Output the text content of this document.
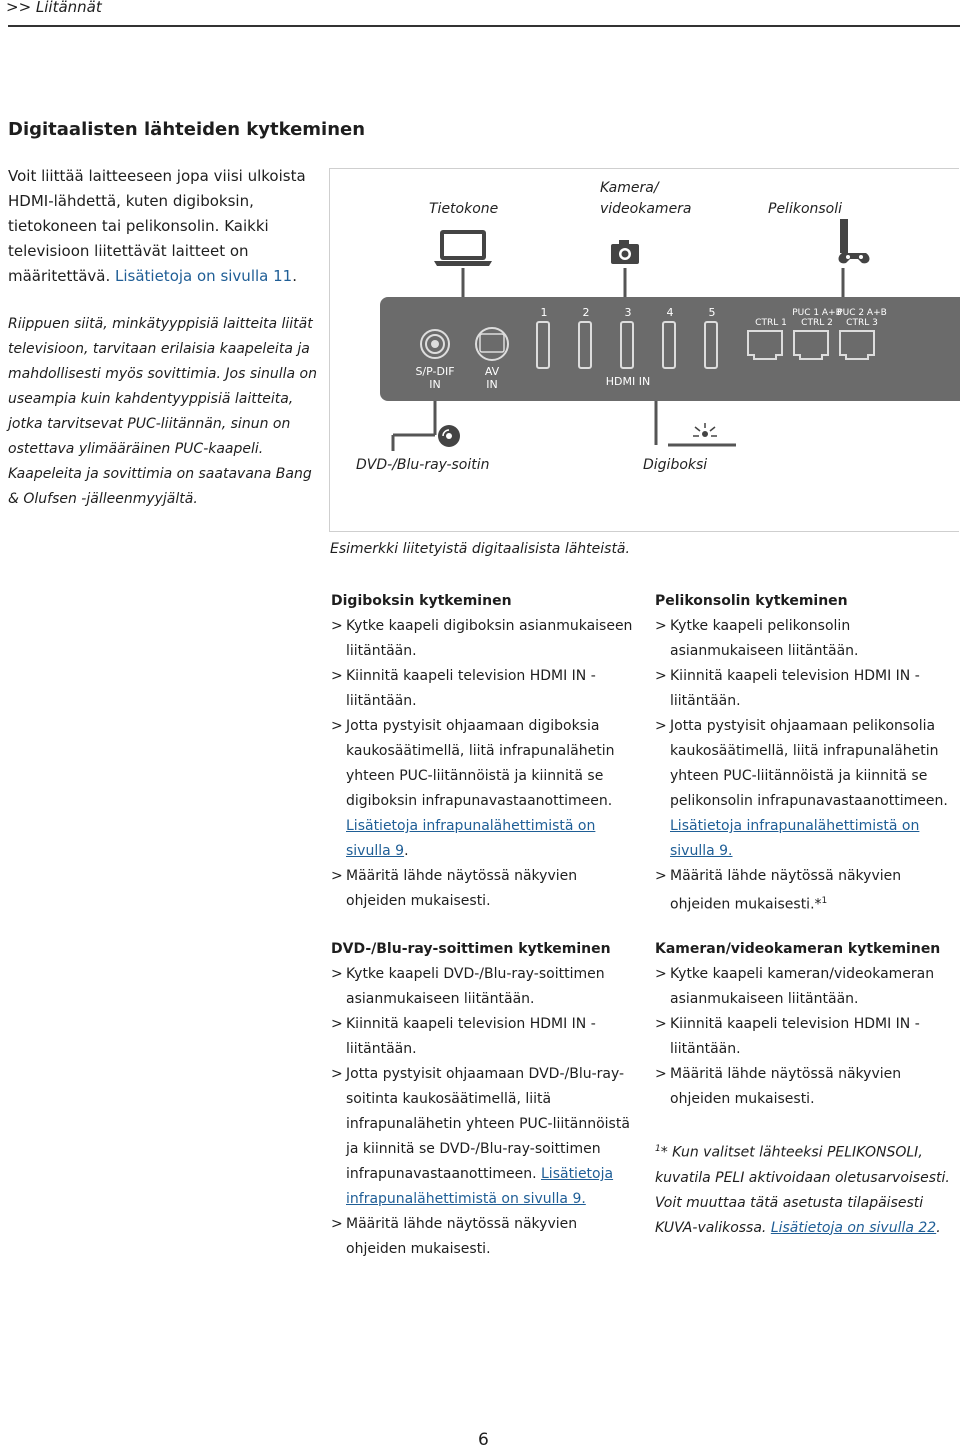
>> Liitännät
Digitaalisten lähteiden kytkeminen
Voit liittää laitteeseen jopa viisi ulkoista HDMI-lähdettä, kuten digiboksin, tietokoneen tai pelikonsolin. Kaikki televisioon liitettävät laitteet on määritettävä. Lisätietoja on sivulla 11.
Riippuen siitä, minkätyyppisiä laitteita liität televisioon, tarvitaan erilaisia kaapeleita ja mahdollisesti myös sovittimia. Jos sinulla on useampia kuin kahdentyyppisiä laitteita, jotka tarvitsevat PUC-liitännän, sinun on ostettava ylimääräinen PUC-kaapeli. Kaapeleita ja sovittimia on saatavana Bang & Olufsen -jälleenmyyjältä.
Tietokone
Kamera/
videokamera	Pelikonsoli
S/P-DIF
IN
AV
IN
1	2	3	4	5
HDMI IN
CTRL 1
PUC 1 A+B
CTRL 2
PUC 2 A+B
CTRL 3
DVD-/Blu-ray-soitin	Digiboksi
Esimerkki liitetyistä digitaalisista lähteistä.
Digiboksin kytkeminen
> Kytke kaapeli digiboksin asianmukaiseen liitäntään.
> Kiinnitä kaapeli television HDMI IN -liitäntään.
> Jotta pystyisit ohjaamaan digiboksia kaukosäätimellä, liitä infrapunalähetin yhteen PUC-liitännöistä ja kiinnitä se digiboksin infrapunavastaanottimeen. Lisätietoja infrapunalähettimistä on sivulla 9.
> Määritä lähde näytössä näkyvien ohjeiden mukaisesti.
Pelikonsolin kytkeminen
> Kytke kaapeli pelikonsolin asianmukaiseen liitäntään.
> Kiinnitä kaapeli television HDMI IN -liitäntään.
> Jotta pystyisit ohjaamaan pelikonsolia kaukosäätimellä, liitä infrapunalähetin yhteen PUC-liitännöistä ja kiinnitä se pelikonsolin infrapunavastaanottimeen. Lisätietoja infrapunalähettimistä on sivulla 9.
> Määritä lähde näytössä näkyvien ohjeiden mukaisesti.*$^1$
DVD-/Blu-ray-soittimen kytkeminen
> Kytke kaapeli DVD-/Blu-ray-soittimen asianmukaiseen liitäntään.
> Kiinnitä kaapeli television HDMI IN -liitäntään.
> Jotta pystyisit ohjaamaan DVD-/Blu-ray-soitinta kaukosäätimellä, liitä infrapunalähetin yhteen PUC-liitännöistä ja kiinnitä se DVD-/Blu-ray-soittimen infrapunavastaanottimeen. Lisätietoja infrapunalähettimistä on sivulla 9.
> Määritä lähde näytössä näkyvien ohjeiden mukaisesti.
Kameran/videokameran kytkeminen
> Kytke kaapeli kameran/videokameran asianmukaiseen liitäntään.
> Kiinnitä kaapeli television HDMI IN -liitäntään.
> Määritä lähde näytössä näkyvien ohjeiden mukaisesti.

$^1$* Kun valitset lähteeksi PELIKONSOLI, kuvatila PELI aktivoidaan oletusarvoisesti. Voit muuttaa tätä asetusta tilapäisesti KUVA-valikossa. Lisätietoja on sivulla 22.

6
